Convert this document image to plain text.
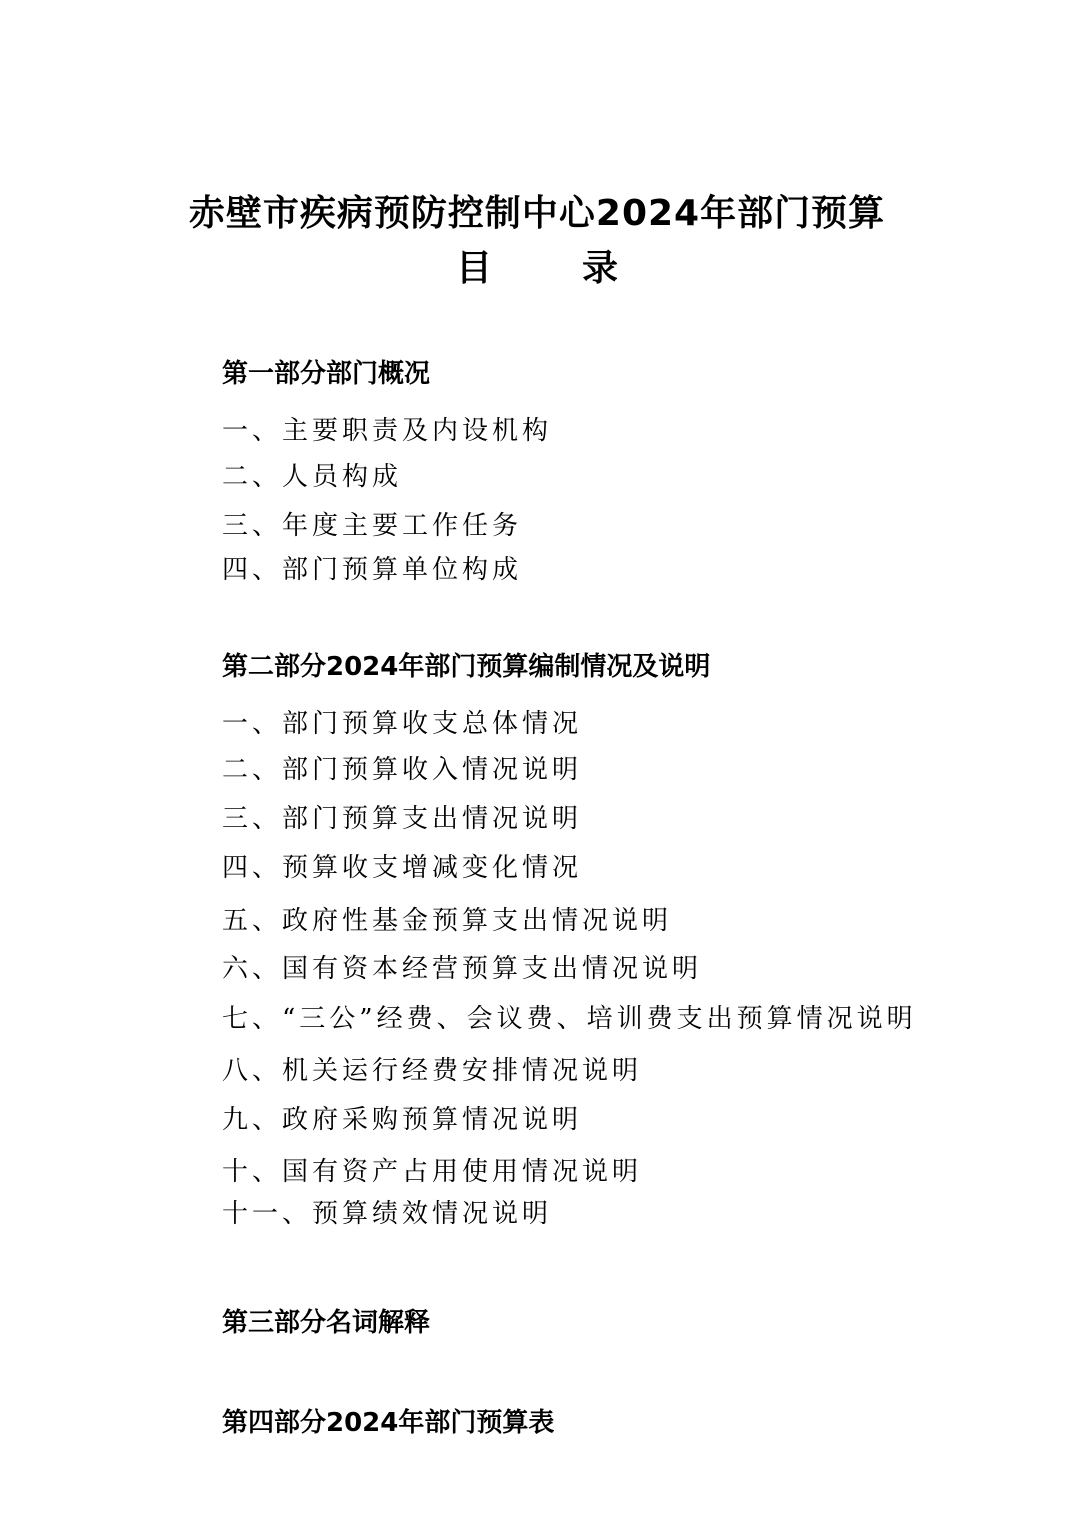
赤壁市疾病预防控制中心2024年部门预算
目	录
第一部分部门概况
一、主要职责及内设机构
二、人员构成
三、年度主要工作任务
四、部门预算单位构成
第二部分2024年部门预算编制情况及说明
一、部门预算收支总体情况
二、部门预算收入情况说明
三、部门预算支出情况说明
四、预算收支增减变化情况
五、政府性基金预算支出情况说明
六、国有资本经营预算支出情况说明
七、“三公”经费、会议费、培训费支出预算情况说明
八、机关运行经费安排情况说明
九、政府采购预算情况说明
十、国有资产占用使用情况说明
十一、预算绩效情况说明
第三部分名词解释
第四部分2024年部门预算表
